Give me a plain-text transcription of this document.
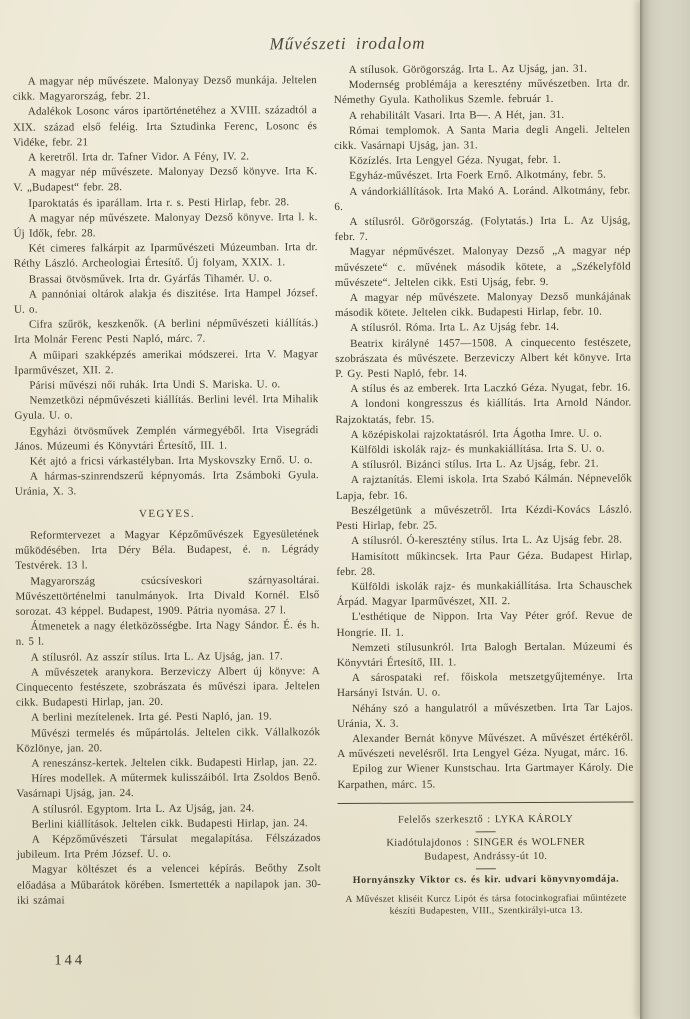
Művészeti irodalom

A magyar nép művészete. Malonyay Dezső munkája. Jeltelen cikk. Magyarország, febr. 21.

Adalékok Losonc város ipartörténetéhez a XVIII. századtól a XIX. század első feléig. Irta Sztudinka Ferenc, Losonc és Vidéke, febr. 21

A keretről. Irta dr. Tafner Vidor. A Fény, IV. 2.

A magyar nép művészete. Malonyay Dezső könyve. Irta K. V. „Budapest“ febr. 28.

Iparoktatás és iparállam. Irta r. s. Pesti Hirlap, febr. 28.

A magyar nép művészete. Malonyay Dezső könyve. Irta l. k. Új Idők, febr. 28.

Két cimeres falkárpit az Iparművészeti Múzeumban. Irta dr. Réthy László. Archeologiai Értesítő. Új folyam, XXIX. 1.

Brassai ötvösművek. Irta dr. Gyárfás Tihamér. U. o.

A pannóniai oltárok alakja és diszitése. Irta Hampel József. U. o.

Cifra szűrök, keszkenők. (A berlini népművészeti kiállítás.) Irta Molnár Ferenc Pesti Napló, márc. 7.

A műipari szakképzés amerikai módszerei. Irta V. Magyar Iparművészet, XII. 2.

Párisi művészi női ruhák. Irta Undi S. Mariska. U. o.

Nemzetközi népművészeti kiállítás. Berlini levél. Irta Mihalik Gyula. U. o.

Egyházi ötvösművek Zemplén vármegyéből. Irta Visegrádi János. Múzeumi és Könyvtári Értesítő, III. 1.

Két ajtó a fricsi várkastélyban. Irta Myskovszky Ernő. U. o.

A hármas-szinrendszerű képnyomás. Irta Zsámboki Gyula. Uránia, X. 3.

VEGYES.

Reformtervezet a Magyar Képzőművészek Egyesületének működésében. Irta Déry Béla. Budapest, é. n. Légrády Testvérek. 13 l.

Magyarország csúcsíveskori szárnyasoltárai. Művészettörténelmi tanulmányok. Irta Divald Kornél. Első sorozat. 43 képpel. Budapest, 1909. Pátria nyomása. 27 l.

Átmenetek a nagy életközösségbe. Irta Nagy Sándor. É. és h. n. 5 l.

A stílusról. Az asszír stílus. Irta L. Az Ujság, jan. 17.

A művészetek aranykora. Berzeviczy Albert új könyve: A Cinquecento festészete, szobrászata és művészi ipara. Jeltelen cikk. Budapesti Hirlap, jan. 20.

A berlini mezítelenek. Irta gé. Pesti Napló, jan. 19.

Művészi termelés és műpártolás. Jeltelen cikk. Vállalkozók Közlönye, jan. 20.

A reneszánsz-kertek. Jeltelen cikk. Budapesti Hirlap, jan. 22.

Híres modellek. A műtermek kulisszáiból. Irta Zsoldos Benő. Vasárnapi Ujság, jan. 24.

A stílusról. Egyptom. Irta L. Az Ujság, jan. 24.

Berlini kiállítások. Jeltelen cikk. Budapesti Hirlap, jan. 24.

A Képzőművészeti Társulat megalapítása. Félszázados jubileum. Irta Prém József. U. o.

Magyar költészet és a velencei képírás. Beőthy Zsolt előadása a Műbarátok körében. Ismertették a napilapok jan. 30-iki számai

A stílusok. Görögország. Irta L. Az Ujság, jan. 31.

Modernség problémája a keresztény művészetben. Irta dr. Némethy Gyula. Katholikus Szemle. február 1.

A rehabilitált Vasari. Irta B—. A Hét, jan. 31.

Római templomok. A Santa Maria degli Angeli. Jeltelen cikk. Vasárnapi Ujság, jan. 31.

Közízlés. Irta Lengyel Géza. Nyugat, febr. 1.

Egyház-művészet. Irta Foerk Ernő. Alkotmány, febr. 5.

A vándorkiállítások. Irta Makó A. Loránd. Alkotmány, febr. 6.

A stílusról. Görögország. (Folytatás.) Irta L. Az Ujság, febr. 7.

Magyar népművészet. Malonyay Dezső „A magyar nép művészete“ c. művének második kötete, a „Székelyföld művészete“. Jeltelen cikk. Esti Ujság, febr. 9.

A magyar nép művészete. Malonyay Dezső munkájának második kötete. Jeltelen cikk. Budapesti Hirlap, febr. 10.

A stílusról. Róma. Irta L. Az Ujság febr. 14.

Beatrix királyné 1457—1508. A cinquecento festészete, szobrászata és művészete. Berzeviczy Albert két könyve. Irta P. Gy. Pesti Napló, febr. 14.

A stílus és az emberek. Irta Laczkó Géza. Nyugat, febr. 16.

A londoni kongresszus és kiállítás. Irta Arnold Nándor. Rajzoktatás, febr. 15.

A középiskolai rajzoktatásról. Irta Ágotha Imre. U. o.

Külföldi iskolák rajz- és munkakiállítása. Irta S. U. o.

A stílusról. Bizánci stílus. Irta L. Az Ujság, febr. 21.

A rajztanítás. Elemi iskola. Irta Szabó Kálmán. Népnevelők Lapja, febr. 16.

Beszélgetünk a művészetről. Irta Kézdi-Kovács László. Pesti Hirlap, febr. 25.

A stílusról. Ó-keresztény stílus. Irta L. Az Ujság febr. 28.

Hamisított műkincsek. Irta Paur Géza. Budapest Hirlap, febr. 28.

Külföldi iskolák rajz- és munkakiállítása. Irta Schauschek Árpád. Magyar Iparművészet, XII. 2.

L'esthétique de Nippon. Irta Vay Péter gróf. Revue de Hongrie. II. 1.

Nemzeti stílusunkról. Irta Balogh Bertalan. Múzeumi és Könyvtári Értesítő, III. 1.

A sárospataki ref. főiskola metszetgyűjteménye. Irta Harsányi István. U. o.

Néhány szó a hangulatról a művészetben. Irta Tar Lajos. Uránia, X. 3.

Alexander Bernát könyve Művészet. A művészet értékéről. A művészeti nevelésről. Irta Lengyel Géza. Nyugat, márc. 16.

Epilog zur Wiener Kunstschau. Irta Gartmayer Károly. Die Karpathen, márc. 15.

Felelős szerkesztő : LYKA KÁROLY
Kiadótulajdonos : SINGER és WOLFNER
Budapest, Andrássy-út 10.
Hornyánszky Viktor cs. és kir. udvari könyvnyomdája.
A Művészet kliséit Kurcz Lipót és társa fotocinkografiai műintézete készíti Budapesten, VIII., Szentkirályi-utca 13.
144
